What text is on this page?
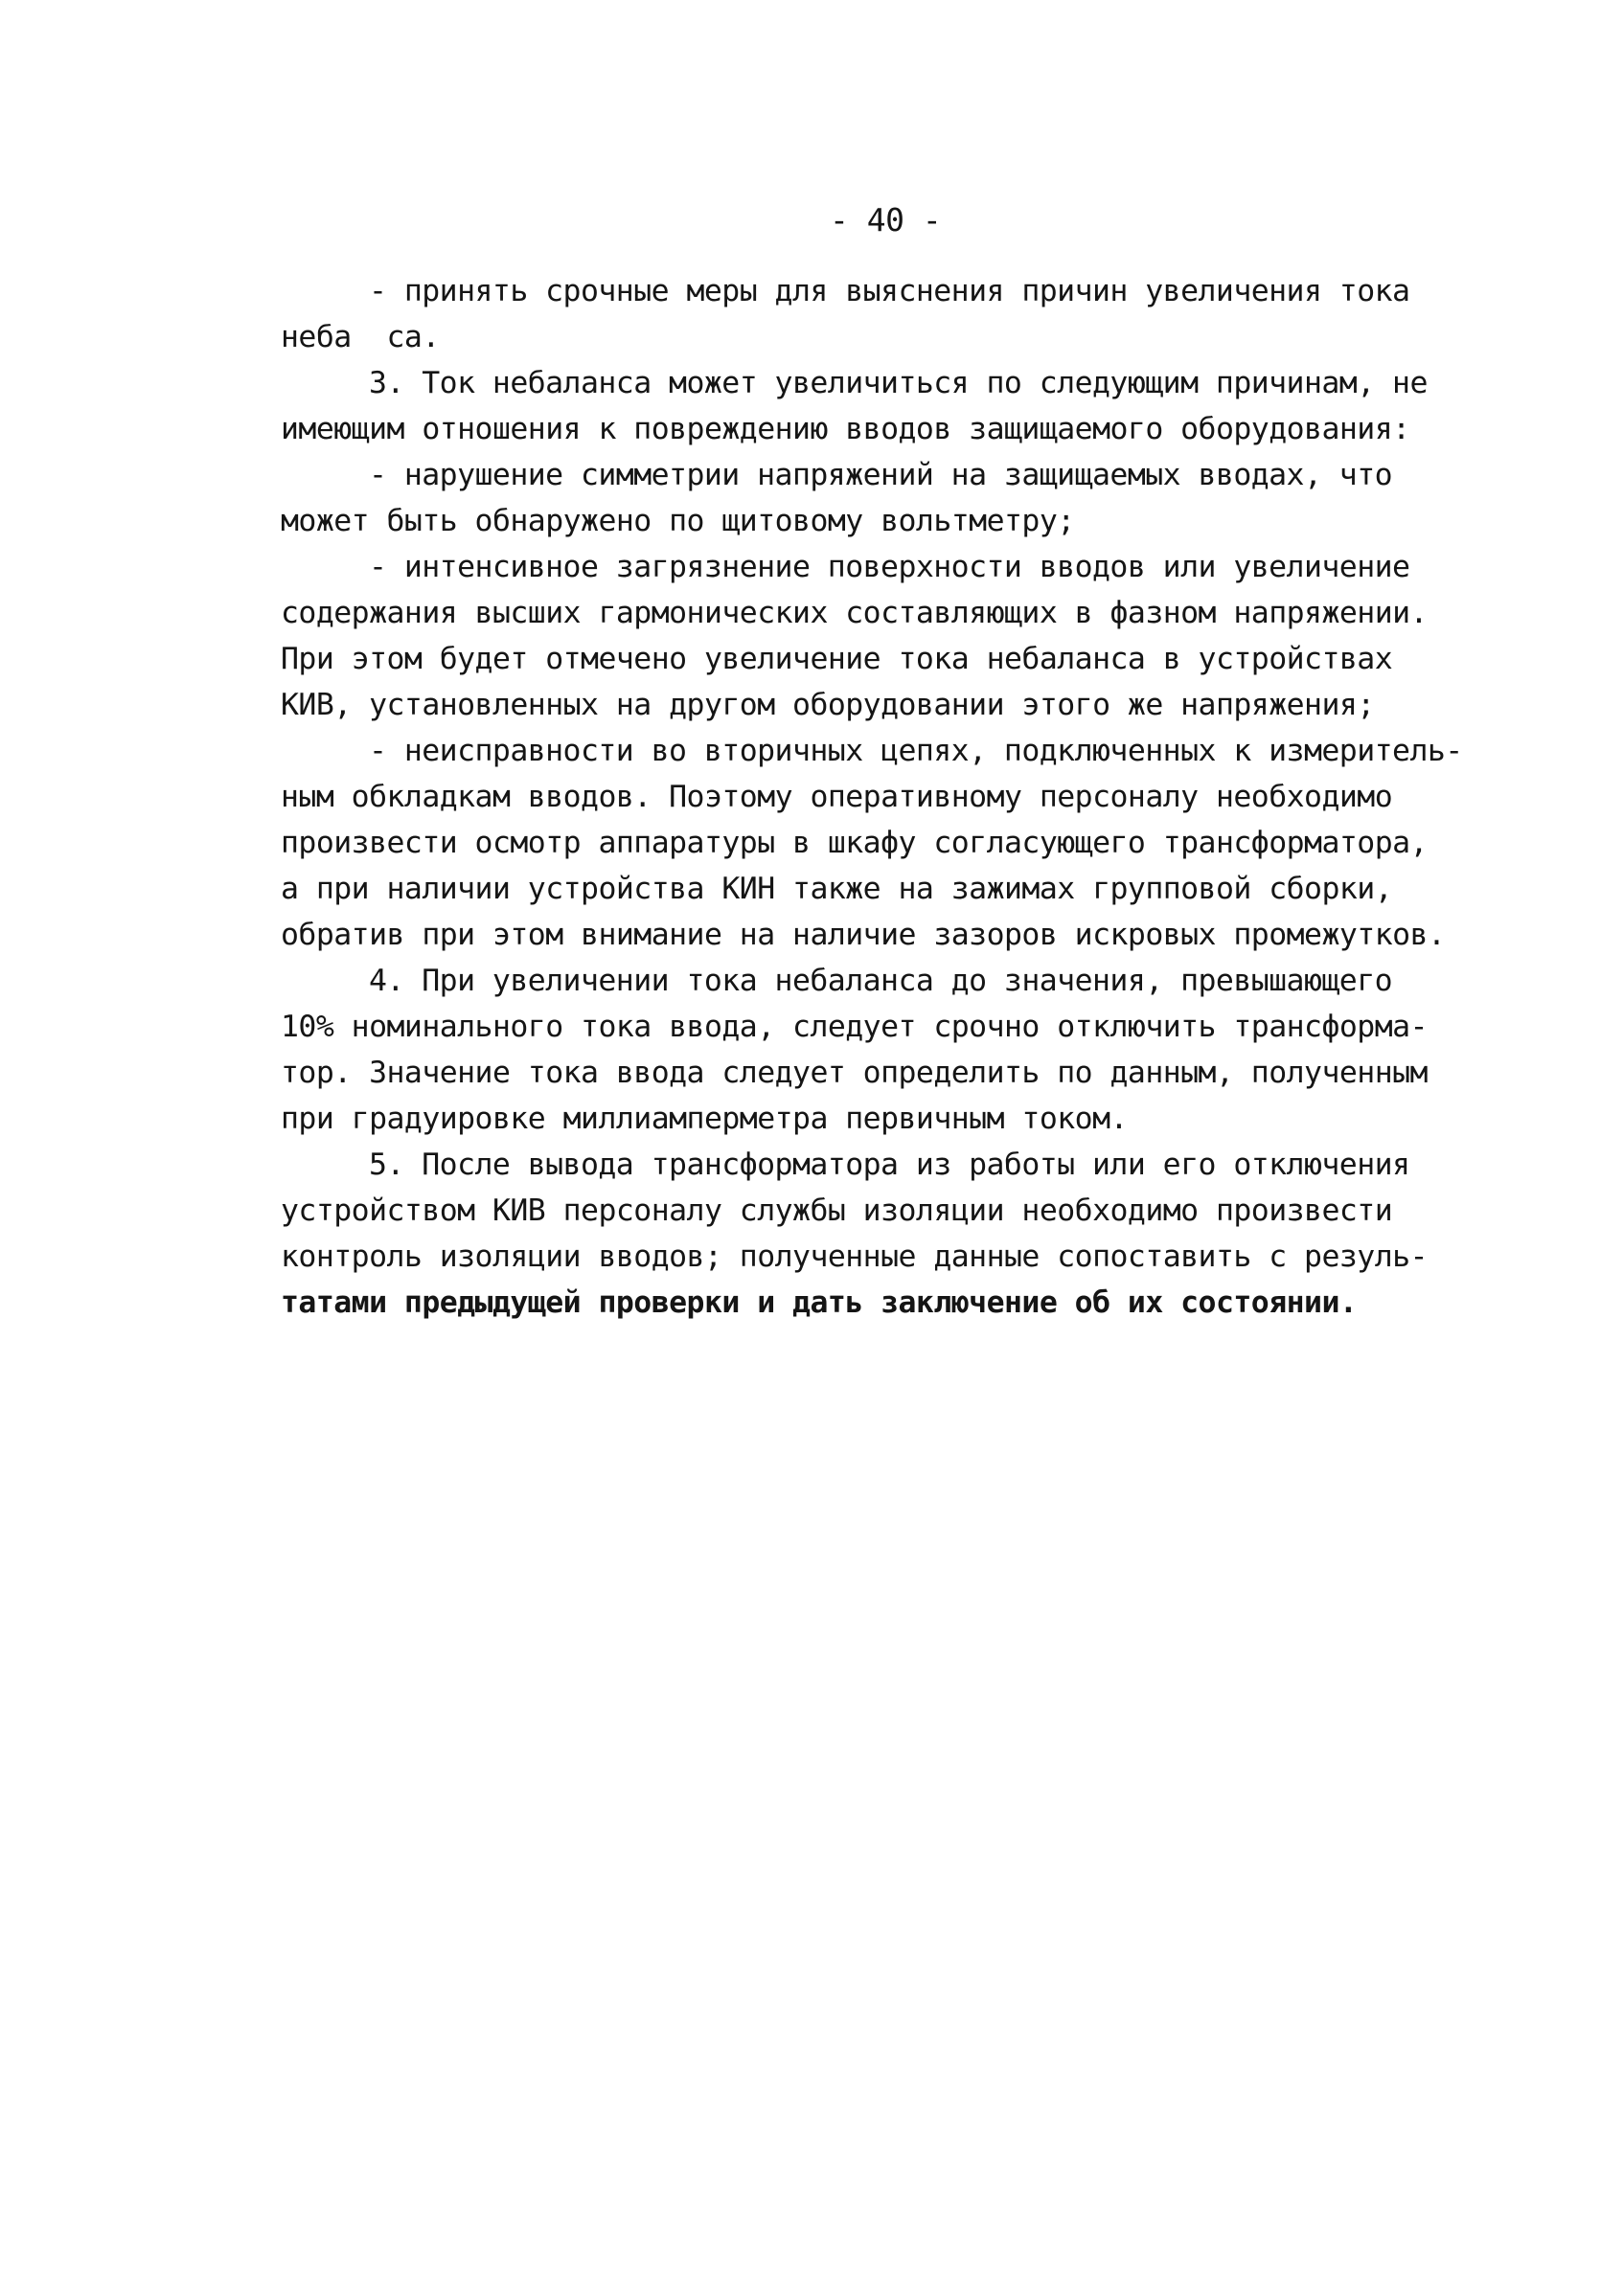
- 40 -
- принять срочные меры для выяснения причин увеличения тока
неба  са.
3. Ток небаланса может увеличиться по следующим причинам, не
имеющим отношения к повреждению вводов защищаемого оборудования:
- нарушение симметрии напряжений на защищаемых вводах, что
может быть обнаружено по щитовому вольтметру;
- интенсивное загрязнение поверхности вводов или увеличение
содержания высших гармонических составляющих в фазном напряжении.
При этом будет отмечено увеличение тока небаланса в устройствах
КИВ, установленных на другом оборудовании этого же напряжения;
- неисправности во вторичных цепях, подключенных к измеритель-
ным обкладкам вводов. Поэтому оперативному персоналу необходимо
произвести осмотр аппаратуры в шкафу согласующего трансформатора,
а при наличии устройства КИН также на зажимах групповой сборки,
обратив при этом внимание на наличие зазоров искровых промежутков.
4. При увеличении тока небаланса до значения, превышающего
10% номинального тока ввода, следует срочно отключить трансформа-
тор. Значение тока ввода следует определить по данным, полученным
при градуировке миллиамперметра первичным током.
5. После вывода трансформатора из работы или его отключения
устройством КИВ персоналу службы изоляции необходимо произвести
контроль изоляции вводов; полученные данные сопоставить с резуль-
татами предыдущей проверки и дать заключение об их состоянии.
